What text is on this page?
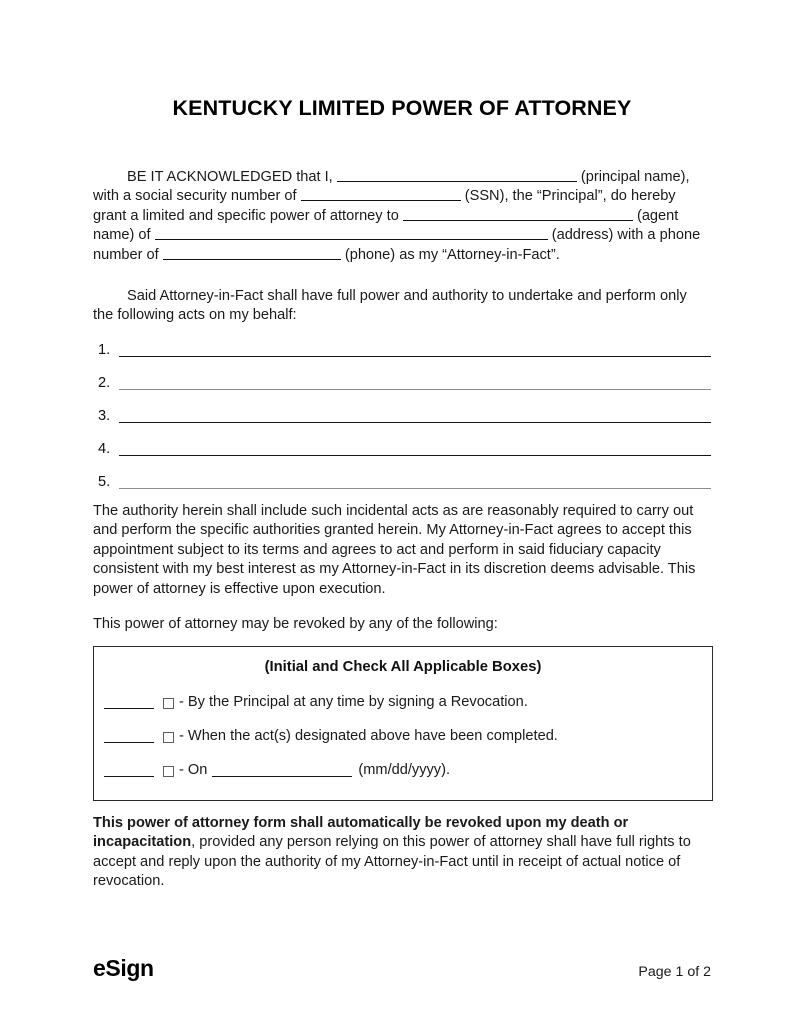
KENTUCKY LIMITED POWER OF ATTORNEY

BE IT ACKNOWLEDGED that I,	(principal name), with a social security number of	(SSN), the “Principal”, do hereby grant a limited and specific power of attorney to	(agent name) of	(address) with a phone number of	(phone) as my “Attorney-in-Fact”.

Said Attorney-in-Fact shall have full power and authority to undertake and perform only the following acts on my behalf:

1.
2.
3.
4.
5.

The authority herein shall include such incidental acts as are reasonably required to carry out and perform the specific authorities granted herein. My Attorney-in-Fact agrees to accept this appointment subject to its terms and agrees to act and perform in said fiduciary capacity consistent with my best interest as my Attorney-in-Fact in its discretion deems advisable. This power of attorney is effective upon execution.

This power of attorney may be revoked by any of the following:

(Initial and Check All Applicable Boxes)

- By the Principal at any time by signing a Revocation.
- When the act(s) designated above have been completed.
- On	(mm/dd/yyyy).

This power of attorney form shall automatically be revoked upon my death or incapacitation, provided any person relying on this power of attorney shall have full rights to accept and reply upon the authority of my Attorney-in-Fact until in receipt of actual notice of revocation.

eSign	Page 1 of 2
